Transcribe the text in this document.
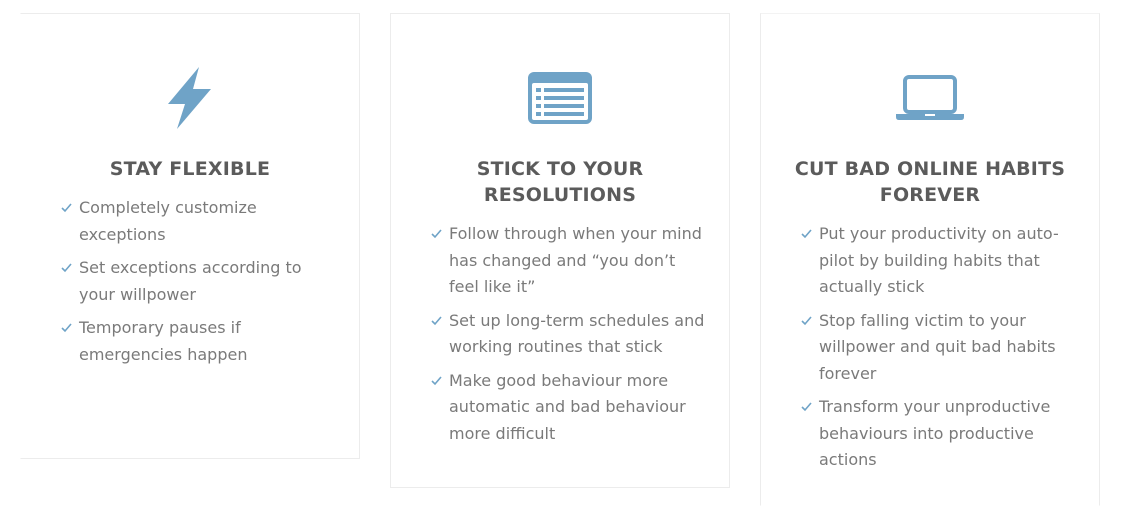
STAY FLEXIBLE
Completely customize exceptions
Set exceptions according to your willpower
Temporary pauses if emergencies happen
STICK TO YOUR RESOLUTIONS
Follow through when your mind has changed and “you don’t feel like it”
Set up long-term schedules and working routines that stick
Make good behaviour more automatic and bad behaviour more difficult
CUT BAD ONLINE HABITS FOREVER
Put your productivity on auto-pilot by building habits that actually stick
Stop falling victim to your willpower and quit bad habits forever
Transform your unproductive behaviours into productive actions
